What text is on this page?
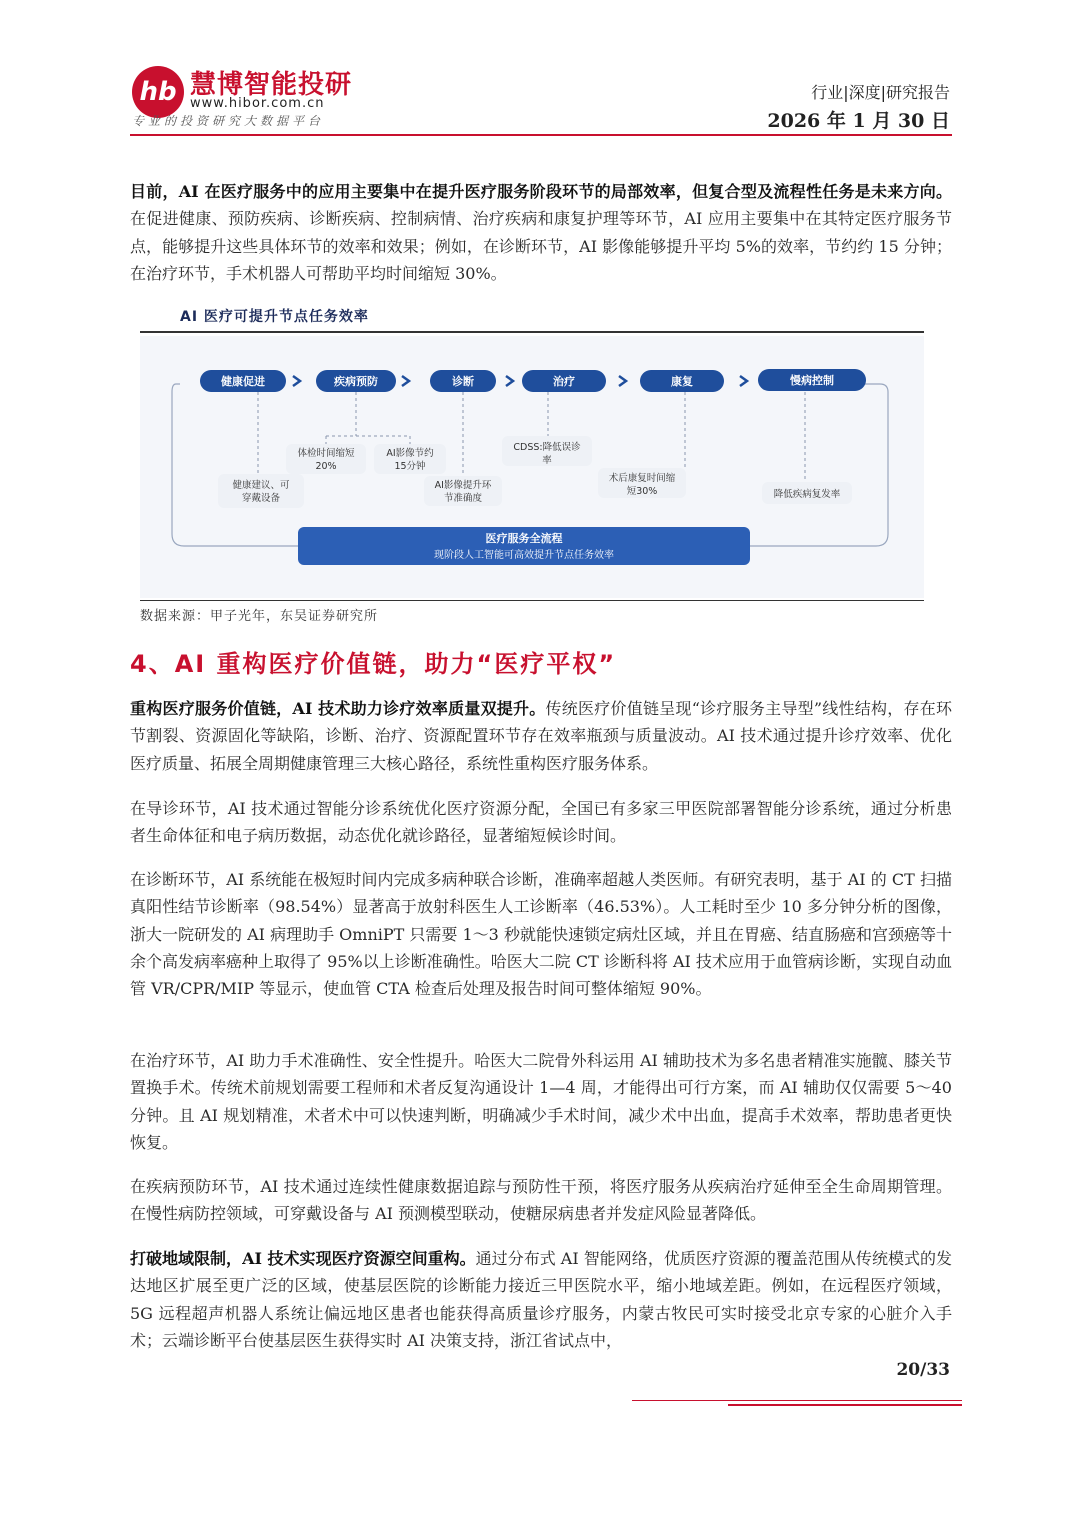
hb 慧博智能投研
www.hibor.com.cn
专业的投资研究大数据平台
行业|深度|研究报告
2026 年 1 月 30 日
目前，AI 在医疗服务中的应用主要集中在提升医疗服务阶段环节的局部效率，但复合型及流程性任务是未来方向。在促进健康、预防疾病、诊断疾病、控制病情、治疗疾病和康复护理等环节，AI 应用主要集中在其特定医疗服务节点，能够提升这些具体环节的效率和效果；例如，在诊断环节，AI 影像能够提升平均 5%的效率，节约约 15 分钟；在治疗环节，手术机器人可帮助平均时间缩短 30%。
AI 医疗可提升节点任务效率
健康促进	疾病预防	诊断	治疗	康复	慢病控制
健康建议、可
穿戴设备
体检时间缩短
20%
AI影像节约
15分钟
AI影像提升环
节准确度
CDSS:降低误诊
率
术后康复时间缩
短30%	降低疾病复发率
医疗服务全流程
现阶段人工智能可高效提升节点任务效率
数据来源：甲子光年，东吴证券研究所
4、AI 重构医疗价值链，助力“医疗平权”
重构医疗服务价值链，AI 技术助力诊疗效率质量双提升。传统医疗价值链呈现“诊疗服务主导型”线性结构，存在环节割裂、资源固化等缺陷，诊断、治疗、资源配置环节存在效率瓶颈与质量波动。AI 技术通过提升诊疗效率、优化医疗质量、拓展全周期健康管理三大核心路径，系统性重构医疗服务体系。
在导诊环节，AI 技术通过智能分诊系统优化医疗资源分配，全国已有多家三甲医院部署智能分诊系统，通过分析患者生命体征和电子病历数据，动态优化就诊路径，显著缩短候诊时间。
在诊断环节，AI 系统能在极短时间内完成多病种联合诊断，准确率超越人类医师。有研究表明，基于 AI 的 CT 扫描真阳性结节诊断率（98.54%）显著高于放射科医生人工诊断率（46.53%）。人工耗时至少 10 多分钟分析的图像，浙大一院研发的 AI 病理助手 OmniPT 只需要 1～3 秒就能快速锁定病灶区域，并且在胃癌、结直肠癌和宫颈癌等十余个高发病率癌种上取得了 95%以上诊断准确性。哈医大二院 CT 诊断科将 AI 技术应用于血管病诊断，实现自动血管 VR/CPR/MIP 等显示，使血管 CTA 检查后处理及报告时间可整体缩短 90%。
在治疗环节，AI 助力手术准确性、安全性提升。哈医大二院骨外科运用 AI 辅助技术为多名患者精准实施髋、膝关节置换手术。传统术前规划需要工程师和术者反复沟通设计 1—4 周，才能得出可行方案，而 AI 辅助仅仅需要 5～40 分钟。且 AI 规划精准，术者术中可以快速判断，明确减少手术时间，减少术中出血，提高手术效率，帮助患者更快恢复。
在疾病预防环节，AI 技术通过连续性健康数据追踪与预防性干预，将医疗服务从疾病治疗延伸至全生命周期管理。在慢性病防控领域，可穿戴设备与 AI 预测模型联动，使糖尿病患者并发症风险显著降低。
打破地域限制，AI 技术实现医疗资源空间重构。通过分布式 AI 智能网络，优质医疗资源的覆盖范围从传统模式的发达地区扩展至更广泛的区域，使基层医院的诊断能力接近三甲医院水平，缩小地域差距。例如，在远程医疗领域，5G 远程超声机器人系统让偏远地区患者也能获得高质量诊疗服务，内蒙古牧民可实时接受北京专家的心脏介入手术；云端诊断平台使基层医生获得实时 AI 决策支持，浙江省试点中，
20/33
